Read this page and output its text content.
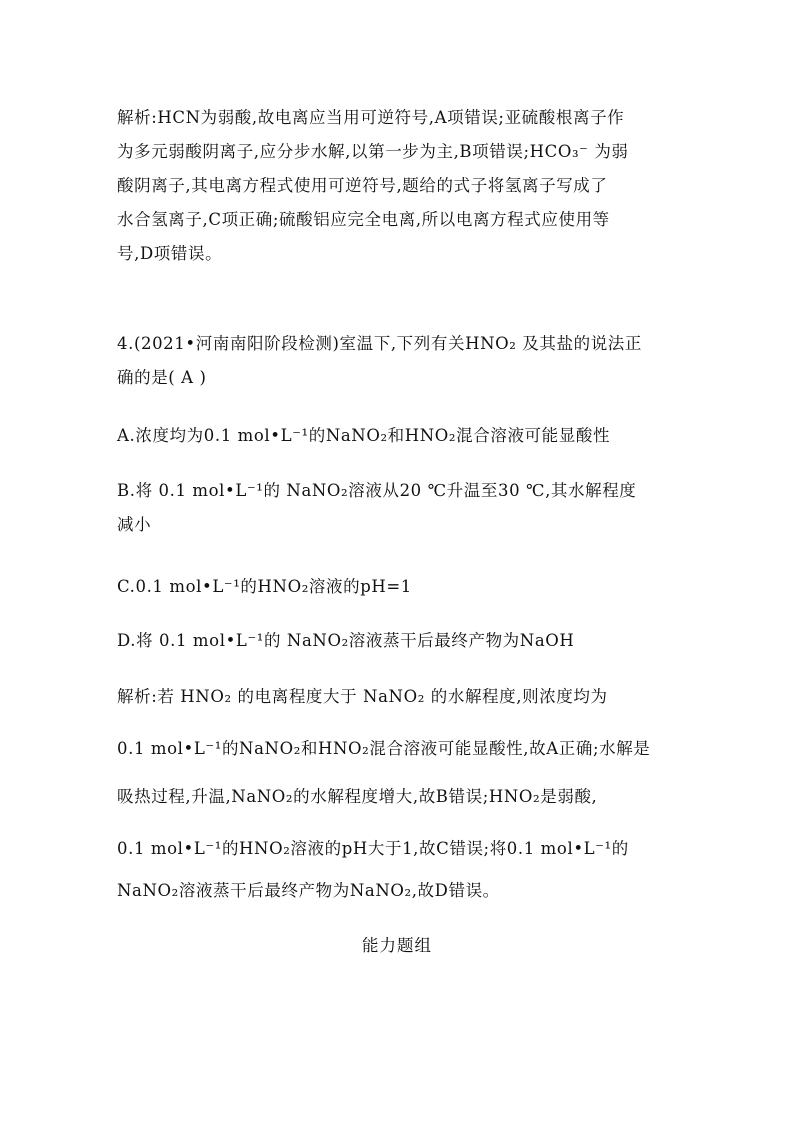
解析:HCN为弱酸,故电离应当用可逆符号,A项错误;亚硫酸根离子作
为多元弱酸阴离子,应分步水解,以第一步为主,B项错误;HCO₃⁻ 为弱
酸阴离子,其电离方程式使用可逆符号,题给的式子将氢离子写成了
水合氢离子,C项正确;硫酸铝应完全电离,所以电离方程式应使用等
号,D项错误。
4.(2021•河南南阳阶段检测)室温下,下列有关HNO₂ 及其盐的说法正
确的是( A )
A.浓度均为0.1 mol•L⁻¹的NaNO₂和HNO₂混合溶液可能显酸性
B.将 0.1 mol•L⁻¹的 NaNO₂溶液从20 ℃升温至30 ℃,其水解程度
减小
C.0.1 mol•L⁻¹的HNO₂溶液的pH=1
D.将 0.1 mol•L⁻¹的 NaNO₂溶液蒸干后最终产物为NaOH
解析:若 HNO₂ 的电离程度大于 NaNO₂ 的水解程度,则浓度均为
0.1 mol•L⁻¹的NaNO₂和HNO₂混合溶液可能显酸性,故A正确;水解是
吸热过程,升温,NaNO₂的水解程度增大,故B错误;HNO₂是弱酸,
0.1 mol•L⁻¹的HNO₂溶液的pH大于1,故C错误;将0.1 mol•L⁻¹的
NaNO₂溶液蒸干后最终产物为NaNO₂,故D错误。
能力题组
